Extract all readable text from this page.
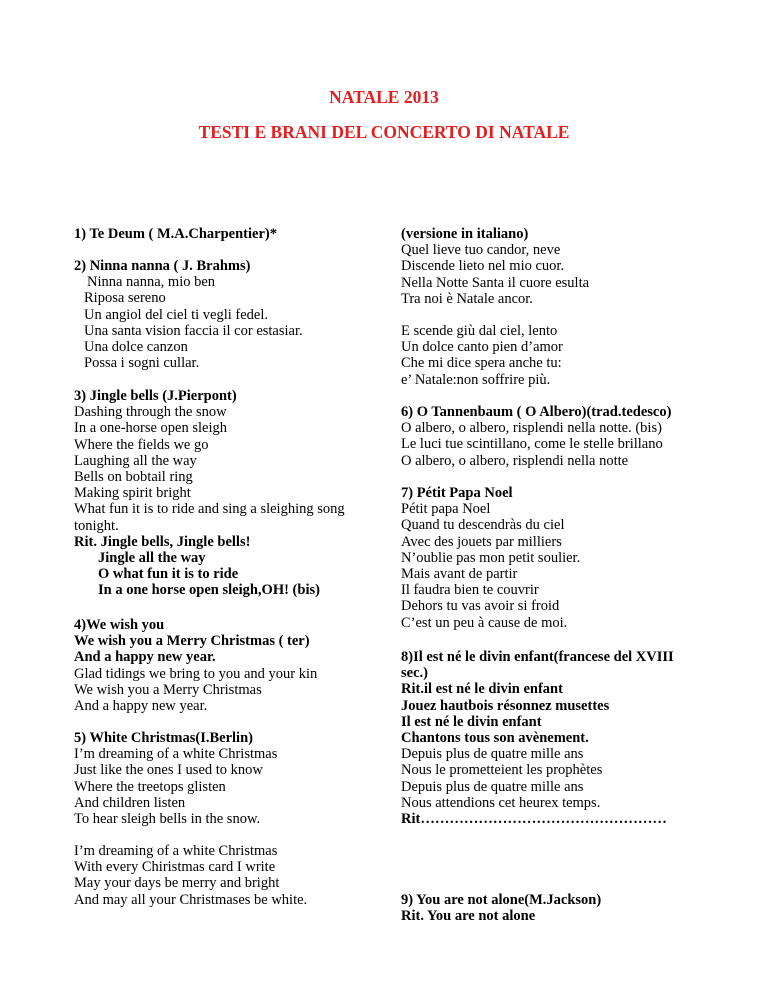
NATALE 2013
TESTI E BRANI DEL CONCERTO DI NATALE
1) Te Deum ( M.A.Charpentier)*
2) Ninna nanna ( J. Brahms)
Ninna nanna, mio ben
Riposa sereno
Un angiol del ciel ti vegli fedel.
Una santa vision faccia il cor estasiar.
Una dolce canzon
Possa i sogni cullar.
3) Jingle bells (J.Pierpont)
Dashing through the snow
In a one-horse open sleigh
Where the fields we go
Laughing all the way
Bells on bobtail ring
Making spirit bright
What fun it is to ride and sing a sleighing song tonight.
Rit. Jingle bells, Jingle bells!
Jingle all the way
O what fun it is to ride
In a one horse open sleigh,OH! (bis)
4)We wish you
We wish you a Merry Christmas ( ter)
And a happy new year.
Glad tidings we bring to you and your kin
We wish you a Merry Christmas
And a happy new year.
5) White Christmas(I.Berlin)
I’m dreaming of a white Christmas
Just like the ones I used to know
Where the treetops glisten
And children listen
To hear sleigh bells in the snow.
I’m dreaming of a white Christmas
With every Chiristmas card I write
May your days be merry and bright
And may all your Christmases be white.
(versione in italiano)
Quel lieve tuo candor, neve
Discende lieto nel mio cuor.
Nella Notte Santa il cuore esulta
Tra noi è Natale ancor.
E scende giù dal ciel, lento
Un dolce canto pien d’amor
Che mi dice spera anche tu:
e’ Natale:non soffrire più.
6) O Tannenbaum ( O Albero)(trad.tedesco)
O albero, o albero, risplendi nella notte. (bis)
Le luci tue scintillano, come le stelle brillano
O albero, o albero, risplendi nella notte
7) Pétit Papa Noel
Pétit papa Noel
Quand tu descendràs du ciel
Avec des jouets par milliers
N’oublie pas mon petit soulier.
Mais avant de partir
Il faudra bien te couvrir
Dehors tu vas avoir si froid
C’est un peu à cause de moi.
8)Il est né le divin enfant(francese del XVIII sec.)
Rit.il est né le divin enfant
Jouez hautbois résonnez musettes
Il est né le divin enfant
Chantons tous son avènement.
Depuis plus de quatre mille ans
Nous le prometteient les prophètes
Depuis plus de quatre mille ans
Nous attendions cet heurex temps.
Rit……………………………………………
9) You are not alone(M.Jackson)
Rit. You are not alone
